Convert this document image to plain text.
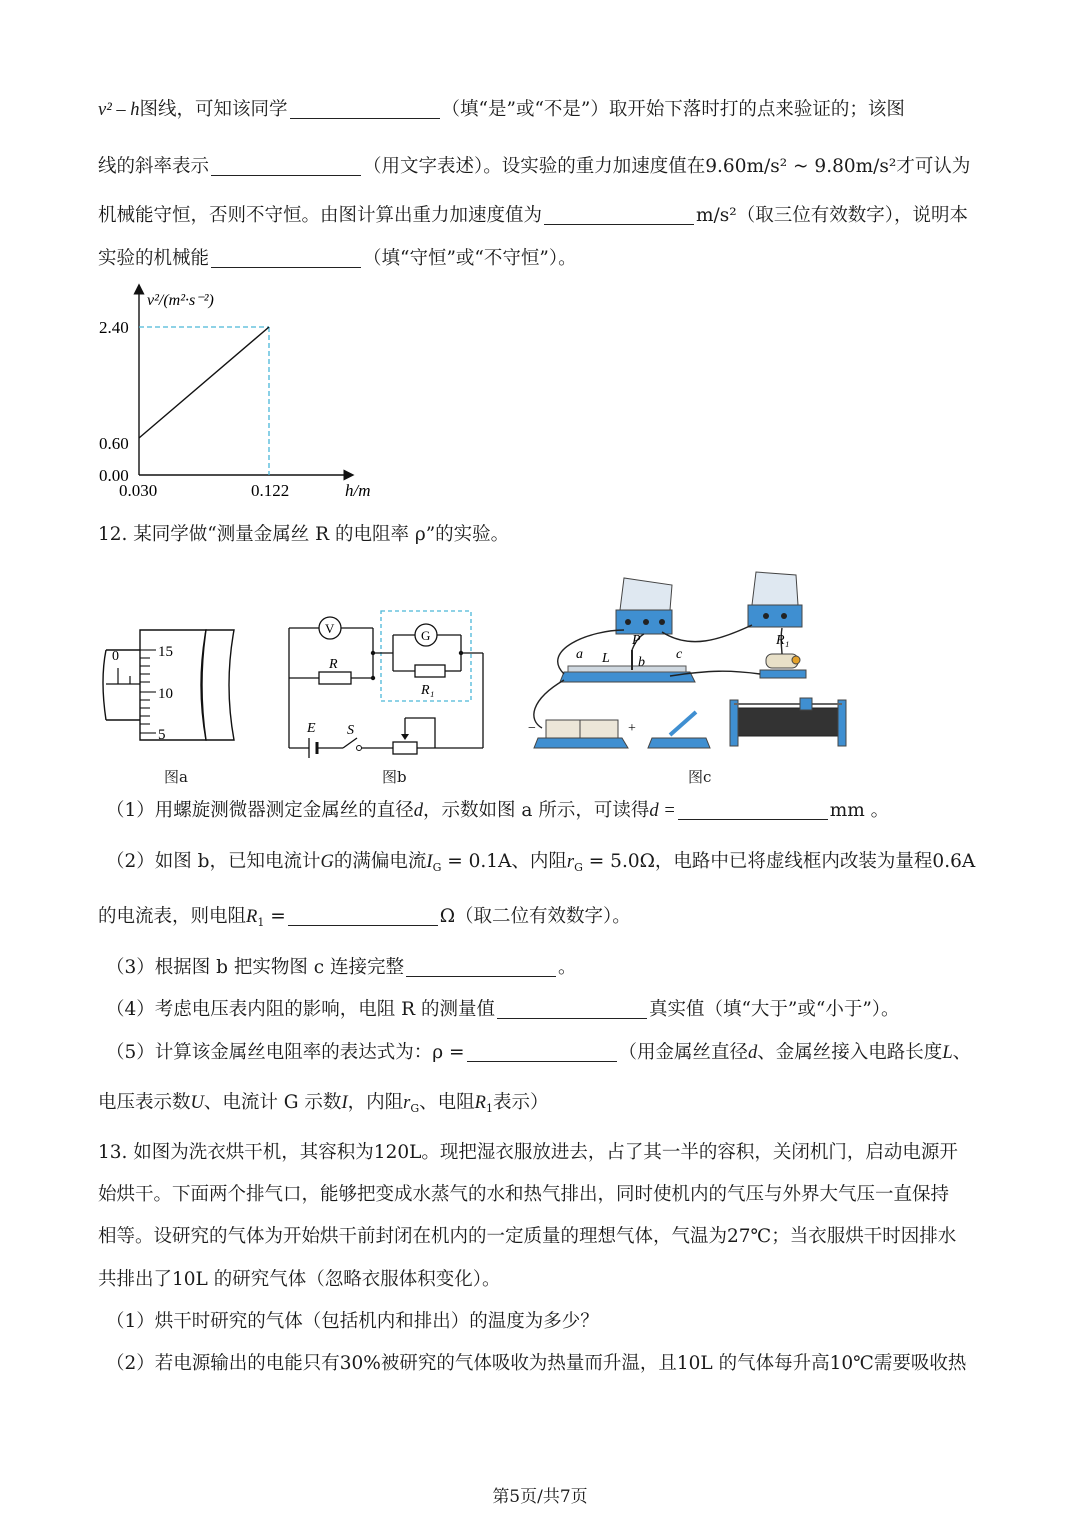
v² – h图线，可知该同学	（填“是”或“不是”）取开始下落时打的点来验证的；该图
线的斜率表示	（用文字表述）。设实验的重力加速度值在9.60m/s² ~ 9.80m/s²才可认为
机械能守恒，否则不守恒。由图计算出重力加速度值为	m/s²（取三位有效数字），说明本
实验的机械能	（填“守恒”或“不守恒”）。
v²/(m²·s⁻²)
h/m
2.40
0.60
0.00
0.030	0.122
12. 某同学做“测量金属丝 R 的电阻率 ρ”的实验。
0	15
10
5
图a
V	G
R
R₁
E S
图b
a L
P
b
c
R₁
−	+
图c
（1）用螺旋测微器测定金属丝的直径d，示数如图 a 所示，可读得d =	mm 。
（2）如图 b，已知电流计G的满偏电流$I_G = 0.1A$、内阻$r_G = 5.0\Omega$，电路中已将虚线框内改装为量程0.6A
的电流表，则电阻$R_1$ =	Ω（取二位有效数字）。
（3）根据图 b 把实物图 c 连接完整	。
（4）考虑电压表内阻的影响，电阻 R 的测量值	真实值（填“大于”或“小于”）。
（5）计算该金属丝电阻率的表达式为：ρ =	（用金属丝直径d、金属丝接入电路长度L、
电压表示数U、电流计 G 示数I，内阻$r_G$、电阻$R_1$表示）
13. 如图为洗衣烘干机，其容积为120L。现把湿衣服放进去，占了其一半的容积，关闭机门，启动电源开
始烘干。下面两个排气口，能够把变成水蒸气的水和热气排出，同时使机内的气压与外界大气压一直保持
相等。设研究的气体为开始烘干前封闭在机内的一定质量的理想气体，气温为27℃；当衣服烘干时因排水
共排出了10L 的研究气体（忽略衣服体积变化）。
（1）烘干时研究的气体（包括机内和排出）的温度为多少？
（2）若电源输出的电能只有30%被研究的气体吸收为热量而升温，且10L 的气体每升高10℃需要吸收热
第5页/共7页
